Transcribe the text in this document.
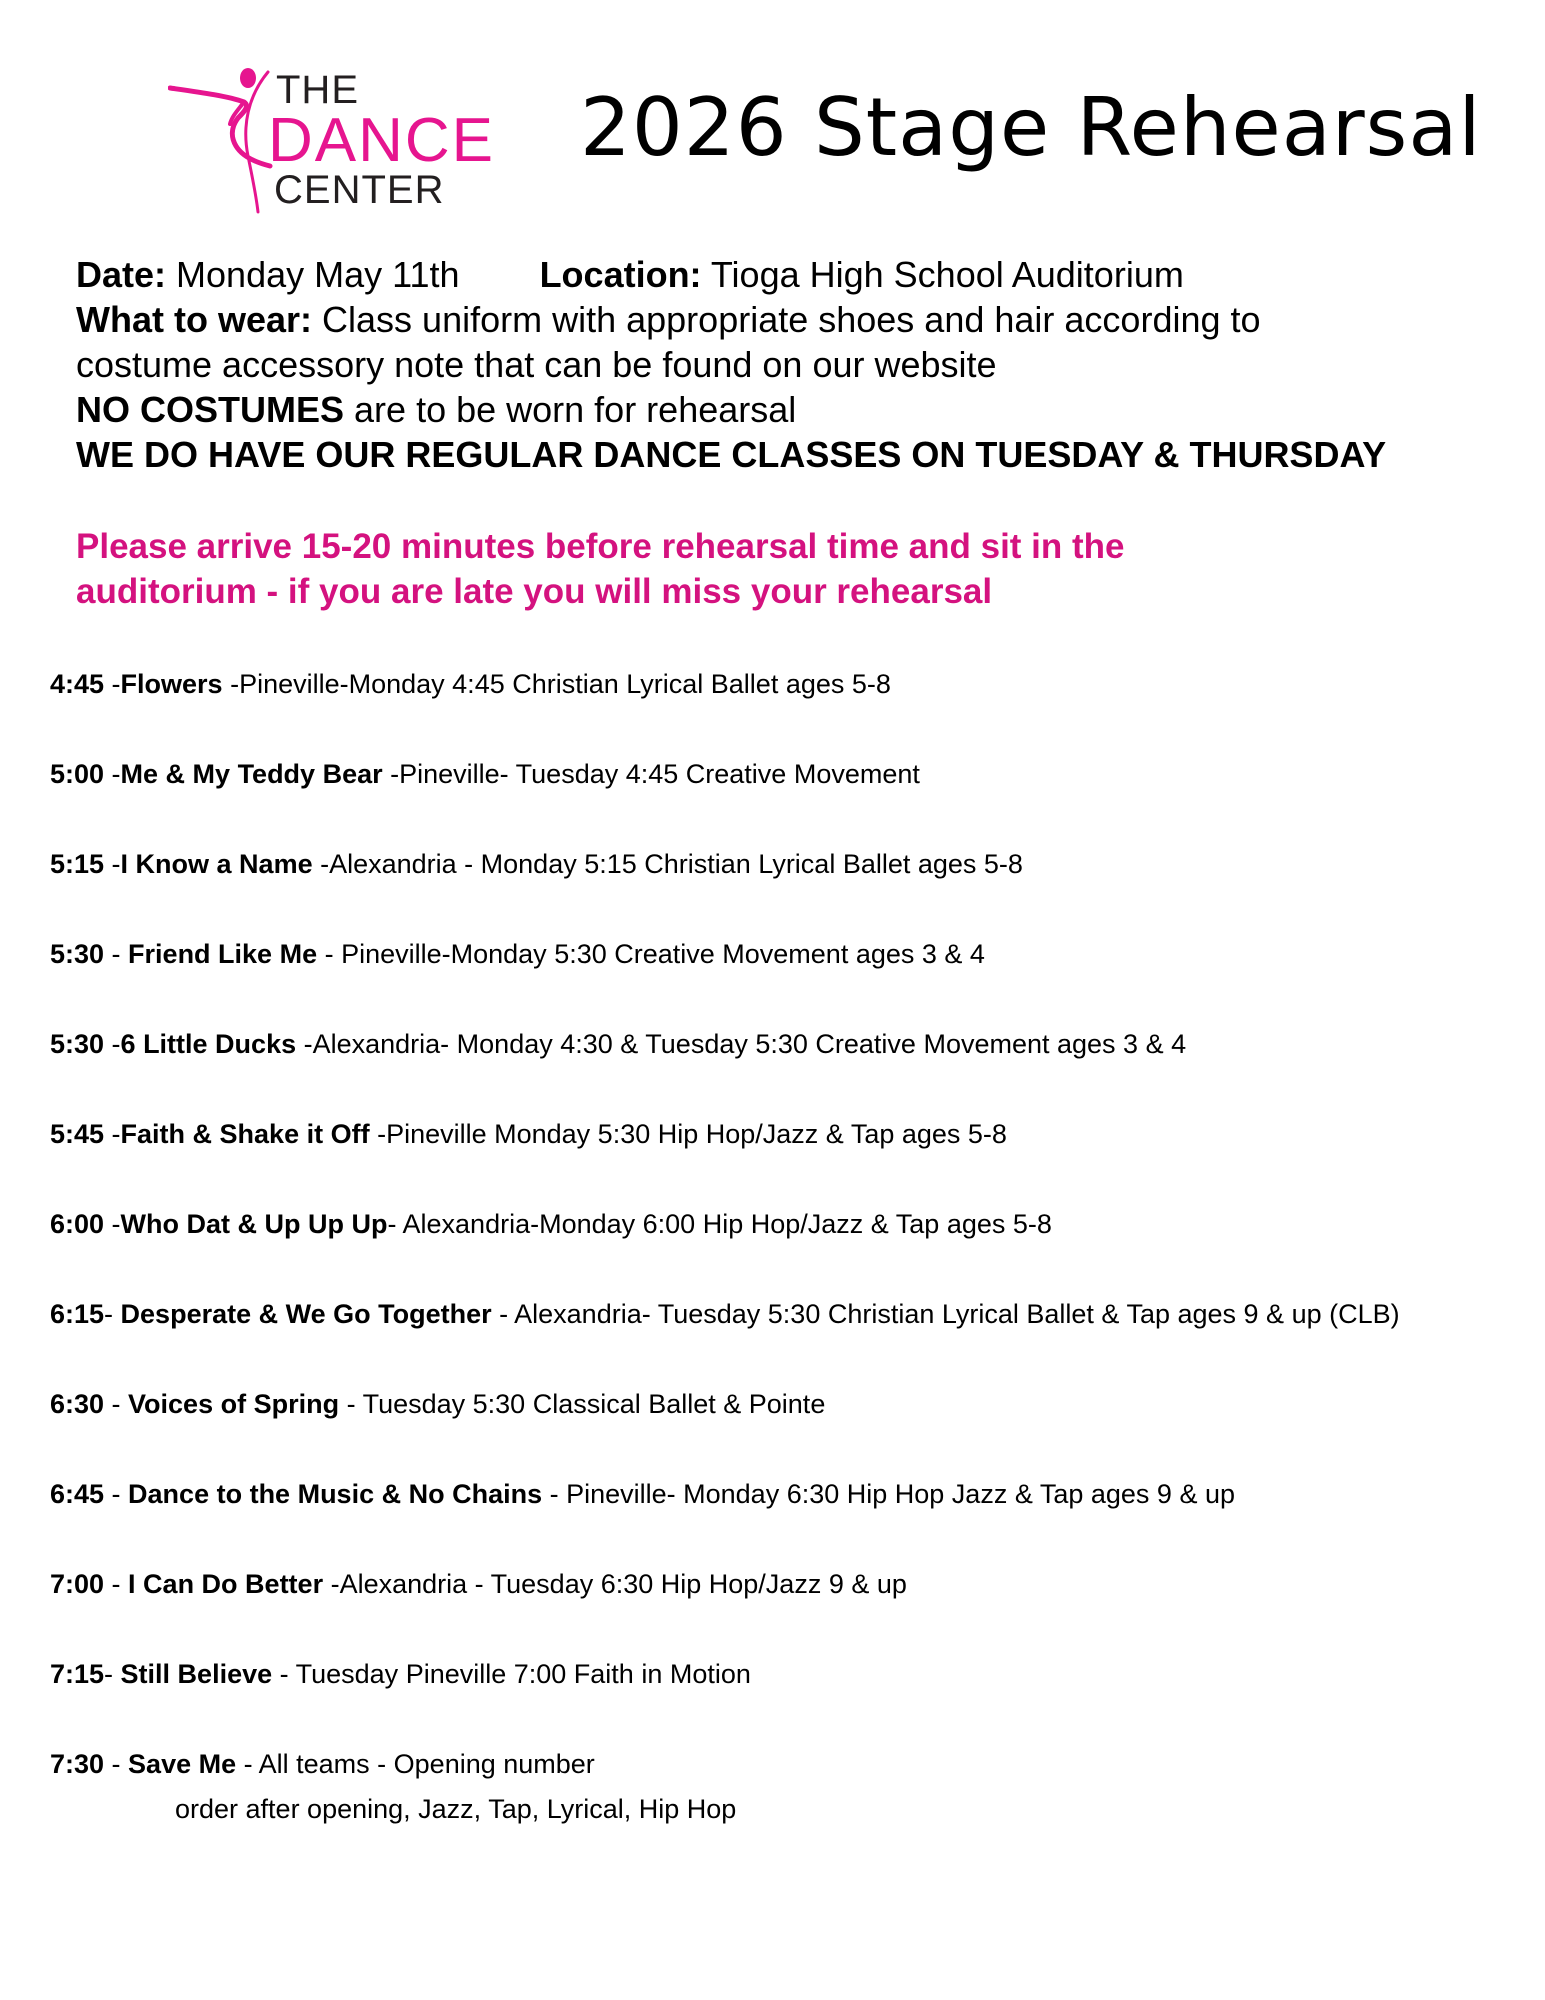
THE
DANCE
CENTER
2026 Stage Rehearsal

Date: Monday May 11th Location: Tioga High School Auditorium

What to wear: Class uniform with appropriate shoes and hair according to

costume accessory note that can be found on our website

NO COSTUMES are to be worn for rehearsal

WE DO HAVE OUR REGULAR DANCE CLASSES ON TUESDAY & THURSDAY

Please arrive 15-20 minutes before rehearsal time and sit in the

auditorium - if you are late you will miss your rehearsal

4:45 -Flowers -Pineville-Monday 4:45 Christian Lyrical Ballet ages 5-8

5:00 -Me & My Teddy Bear -Pineville- Tuesday 4:45 Creative Movement

5:15 -I Know a Name -Alexandria - Monday 5:15 Christian Lyrical Ballet ages 5-8

5:30 - Friend Like Me - Pineville-Monday 5:30 Creative Movement ages 3 & 4

5:30 -6 Little Ducks -Alexandria- Monday 4:30 & Tuesday 5:30 Creative Movement ages 3 & 4

5:45 -Faith & Shake it Off -Pineville Monday 5:30 Hip Hop/Jazz & Tap ages 5-8

6:00 -Who Dat & Up Up Up- Alexandria-Monday 6:00 Hip Hop/Jazz & Tap ages 5-8

6:15- Desperate & We Go Together - Alexandria- Tuesday 5:30 Christian Lyrical Ballet & Tap ages 9 & up (CLB)

6:30 - Voices of Spring - Tuesday 5:30 Classical Ballet & Pointe

6:45 - Dance to the Music & No Chains - Pineville- Monday 6:30 Hip Hop Jazz & Tap ages 9 & up

7:00 - I Can Do Better -Alexandria - Tuesday 6:30 Hip Hop/Jazz 9 & up

7:15- Still Believe - Tuesday Pineville 7:00 Faith in Motion

7:30 - Save Me - All teams - Opening number
order after opening, Jazz, Tap, Lyrical, Hip Hop
